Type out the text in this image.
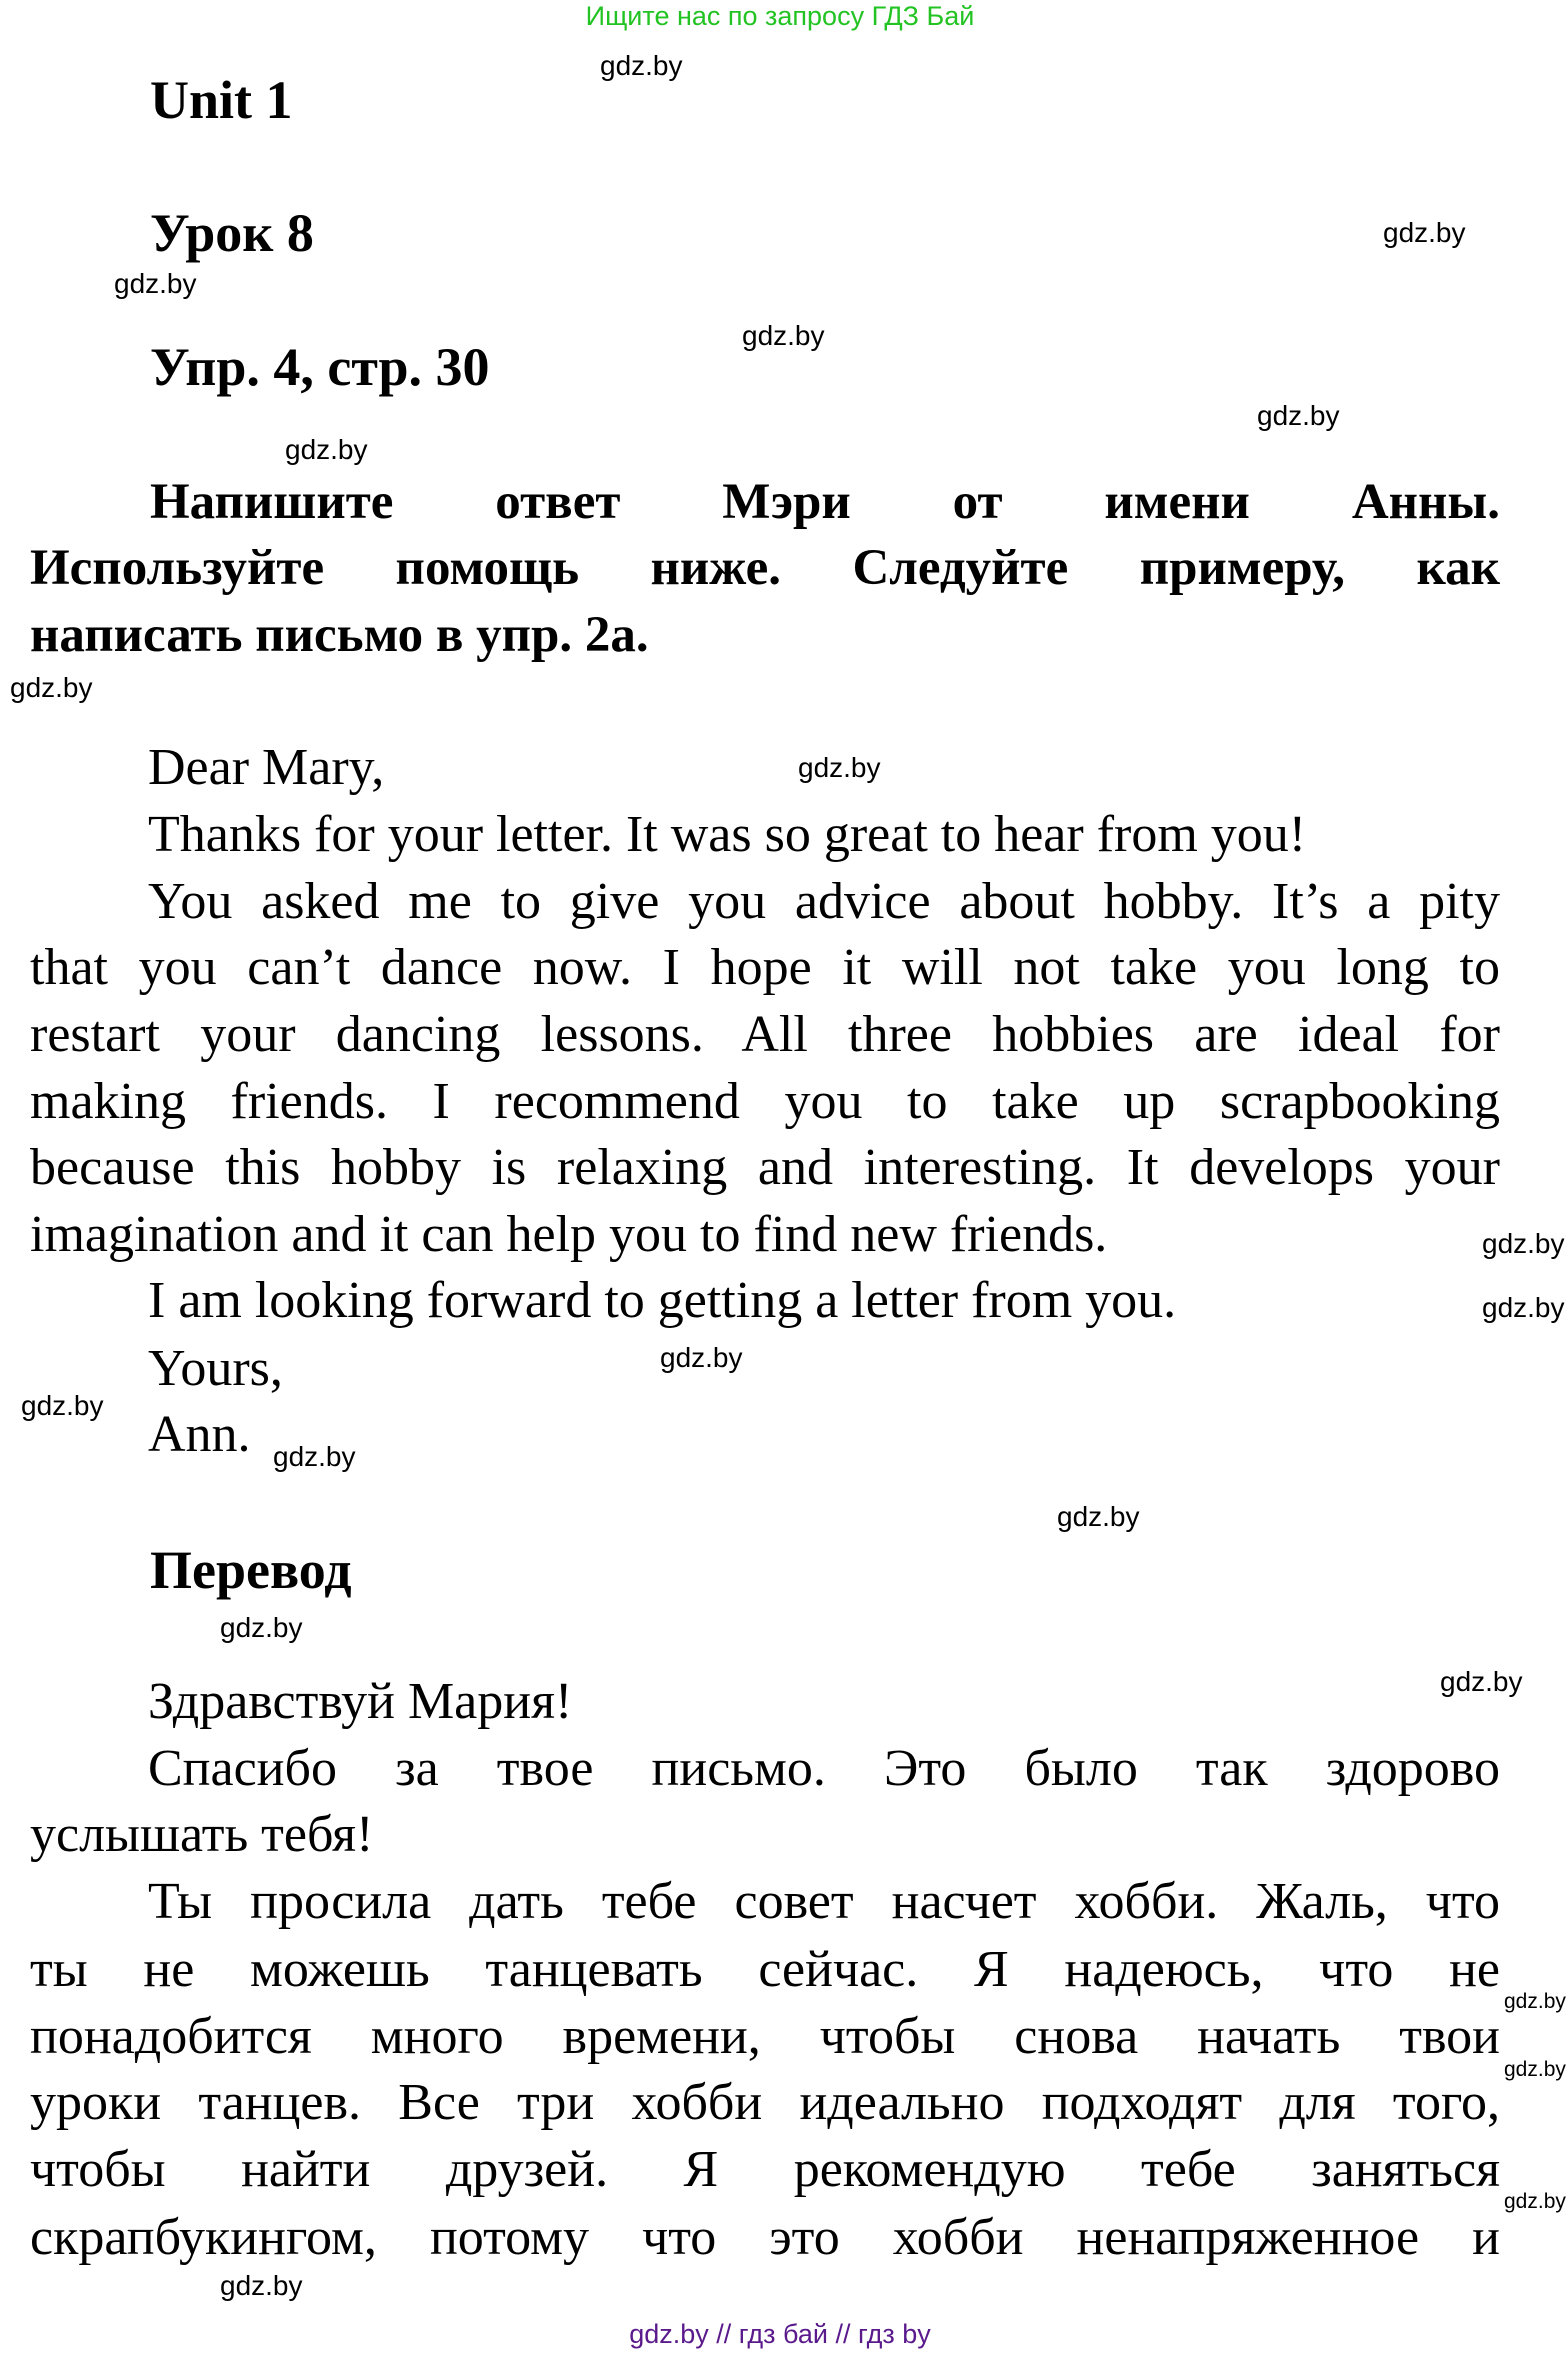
Ищите нас по запросу ГДЗ Бай
Unit 1
Урок 8
Упр. 4, стр. 30
Напишите ответ Мэри от имени Анны.
Используйте помощь ниже. Следуйте примеру, как
написать письмо в упр. 2a.
Dear Mary,
Thanks for your letter. It was so great to hear from you!
You asked me to give you advice about hobby. It’s a pity
that you can’t dance now. I hope it will not take you long to
restart your dancing lessons. All three hobbies are ideal for
making friends. I recommend you to take up scrapbooking
because this hobby is relaxing and interesting. It develops your
imagination and it can help you to find new friends.
I am looking forward to getting a letter from you.
Yours,
Ann.
Перевод
Здравствуй Мария!
Спасибо за твое письмо. Это было так здорово
услышать тебя!
Ты просила дать тебе совет насчет хобби. Жаль, что
ты не можешь танцевать сейчас. Я надеюсь, что не
понадобится много времени, чтобы снова начать твои
уроки танцев. Все три хобби идеально подходят для того,
чтобы найти друзей. Я рекомендую тебе заняться
скрапбукингом, потому что это хобби ненапряженное и
gdz.by
gdz.by
gdz.by
gdz.by
gdz.by
gdz.by
gdz.by
gdz.by
gdz.by
gdz.by
gdz.by
gdz.by
gdz.by
gdz.by
gdz.by
gdz.by
gdz.by
gdz.by
gdz.by
gdz.by
gdz.by // гдз бай // гдз by
